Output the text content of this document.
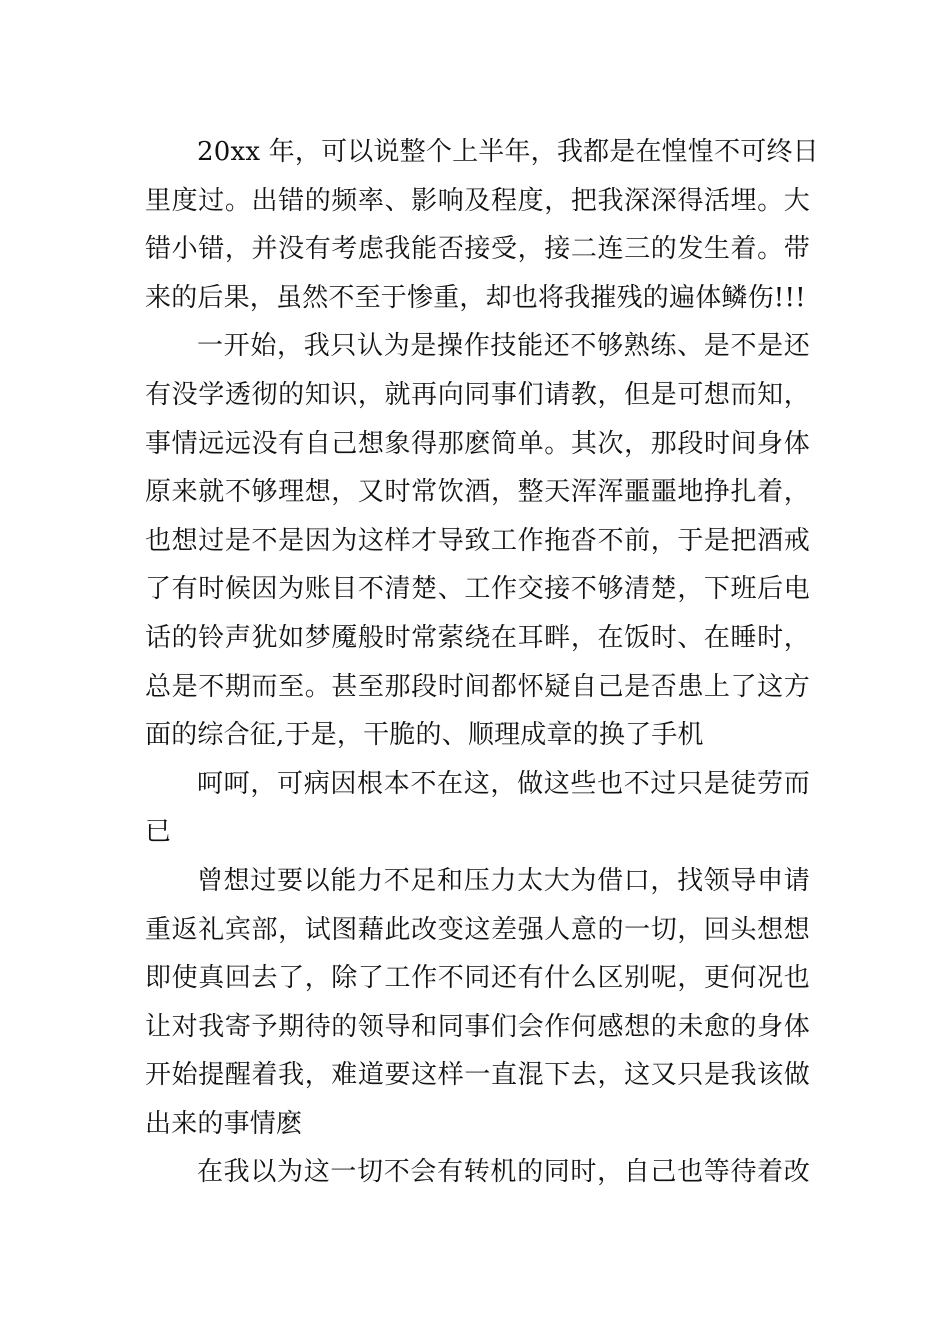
20xx 年，可以说整个上半年，我都是在惶惶不可终日
里度过。出错的频率、影响及程度，把我深深得活埋。大
错小错，并没有考虑我能否接受，接二连三的发生着。带
来的后果，虽然不至于惨重，却也将我摧残的遍体鳞伤!!!
一开始，我只认为是操作技能还不够熟练、是不是还
有没学透彻的知识，就再向同事们请教，但是可想而知，
事情远远没有自己想象得那麽简单。其次，那段时间身体
原来就不够理想，又时常饮酒，整天浑浑噩噩地挣扎着，
也想过是不是因为这样才导致工作拖沓不前，于是把酒戒
了有时候因为账目不清楚、工作交接不够清楚，下班后电
话的铃声犹如梦魇般时常萦绕在耳畔，在饭时、在睡时，
总是不期而至。甚至那段时间都怀疑自己是否患上了这方
面的综合征,于是，干脆的、顺理成章的换了手机
呵呵，可病因根本不在这，做这些也不过只是徒劳而
已
曾想过要以能力不足和压力太大为借口，找领导申请
重返礼宾部，试图藉此改变这差强人意的一切，回头想想
即使真回去了，除了工作不同还有什么区别呢，更何况也
让对我寄予期待的领导和同事们会作何感想的未愈的身体
开始提醒着我，难道要这样一直混下去，这又只是我该做
出来的事情麽
在我以为这一切不会有转机的同时，自己也等待着改
